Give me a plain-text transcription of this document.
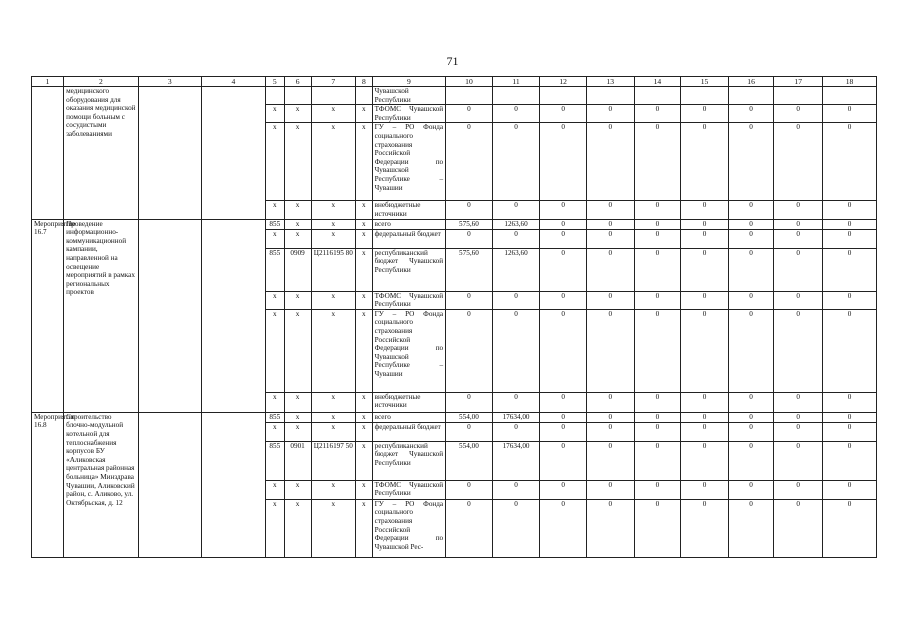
71
1	2	3	4	5	6	7	8	9	10	11	12	13	14	15	16	17	18
	медицинского оборудования для оказания медицинской помощи больным с сосудистыми заболеваниями							Чувашской Республики									
				x	x	x	x	ТФОМС Чувашской Республики	0	0	0	0	0	0	0	0	0
				x	x	x	x	ГУ – РО Фонда социального страхования Российской Федерации по Чувашской Республике – Чувашии	0	0	0	0	0	0	0	0	0
				x	x	x	x	внебюджетные источники	0	0	0	0	0	0	0	0	0
Мероприятие 16.7	Проведение информационно-коммуникационной кампании, направленной на освещение мероприятий в рамках региональных проектов			855	x	x	x	всего	575,60	1263,60	0	0	0	0	0	0	0
				x	x	x	x	федеральный бюджет	0	0	0	0	0	0	0	0	0
				855	0909	Ц2116195 80	x	республиканский бюджет Чувашской Республики	575,60	1263,60	0	0	0	0	0	0	0
				x	x	x	x	ТФОМС Чувашской Республики	0	0	0	0	0	0	0	0	0
				x	x	x	x	ГУ – РО Фонда социального страхования Российской Федерации по Чувашской Республике – Чувашии	0	0	0	0	0	0	0	0	0
				x	x	x	x	внебюджетные источники	0	0	0	0	0	0	0	0	0
Мероприятие 16.8	Строительство блочно-модульной котельной для теплоснабжения корпусов БУ «Аликовская центральная районная больница» Минздрава Чувашии, Аликовский район, с. Аликово, ул. Октябрьская, д. 12			855	x	x	x	всего	554,00	17634,00	0	0	0	0	0	0	0
				x	x	x	x	федеральный бюджет	0	0	0	0	0	0	0	0	0
				855	0901	Ц2116197 50	x	республиканский бюджет Чувашской Республики	554,00	17634,00	0	0	0	0	0	0	0
				x	x	x	x	ТФОМС Чувашской Республики	0	0	0	0	0	0	0	0	0
				x	x	x	x	ГУ – РО Фонда социального страхования Российской Федерации по Чувашской Рес-	0	0	0	0	0	0	0	0	0
